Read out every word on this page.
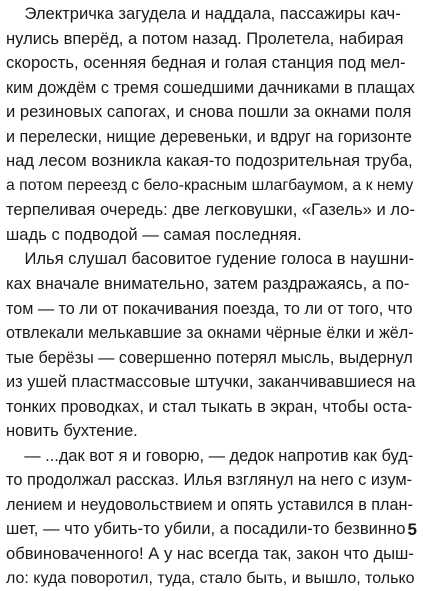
Электричка загудела и наддала, пассажиры кач-
нулись вперёд, а потом назад. Пролетела, набирая
скорость, осенняя бедная и голая станция под мел-
ким дождём с тремя сошедшими дачниками в плащах
и резиновых сапогах, и снова пошли за окнами поля
и перелески, нищие деревеньки, и вдруг на горизонте
над лесом возникла какая-то подозрительная труба,
а потом переезд с бело-красным шлагбаумом, а к нему
терпеливая очередь: две легковушки, «Газель» и ло-
шадь с подводой — самая последняя.
Илья слушал басовитое гудение голоса в наушни-
ках вначале внимательно, затем раздражаясь, а по-
том — то ли от покачивания поезда, то ли от того, что
отвлекали мелькавшие за окнами чёрные ёлки и жёл-
тые берёзы — совершенно потерял мысль, выдернул
из ушей пластмассовые штучки, заканчивавшиеся на
тонких проводках, и стал тыкать в экран, чтобы оста-
новить бухтение.
— ...дак вот я и говорю, — дедок напротив как буд-
то продолжал рассказ. Илья взглянул на него с изум-
лением и неудовольствием и опять уставился в план-
шет, — что убить-то убили, а посадили-то безвинно
обвиноваченного! А у нас всегда так, закон что дыш-
ло: куда поворотил, туда, стало быть, и вышло, только
5
